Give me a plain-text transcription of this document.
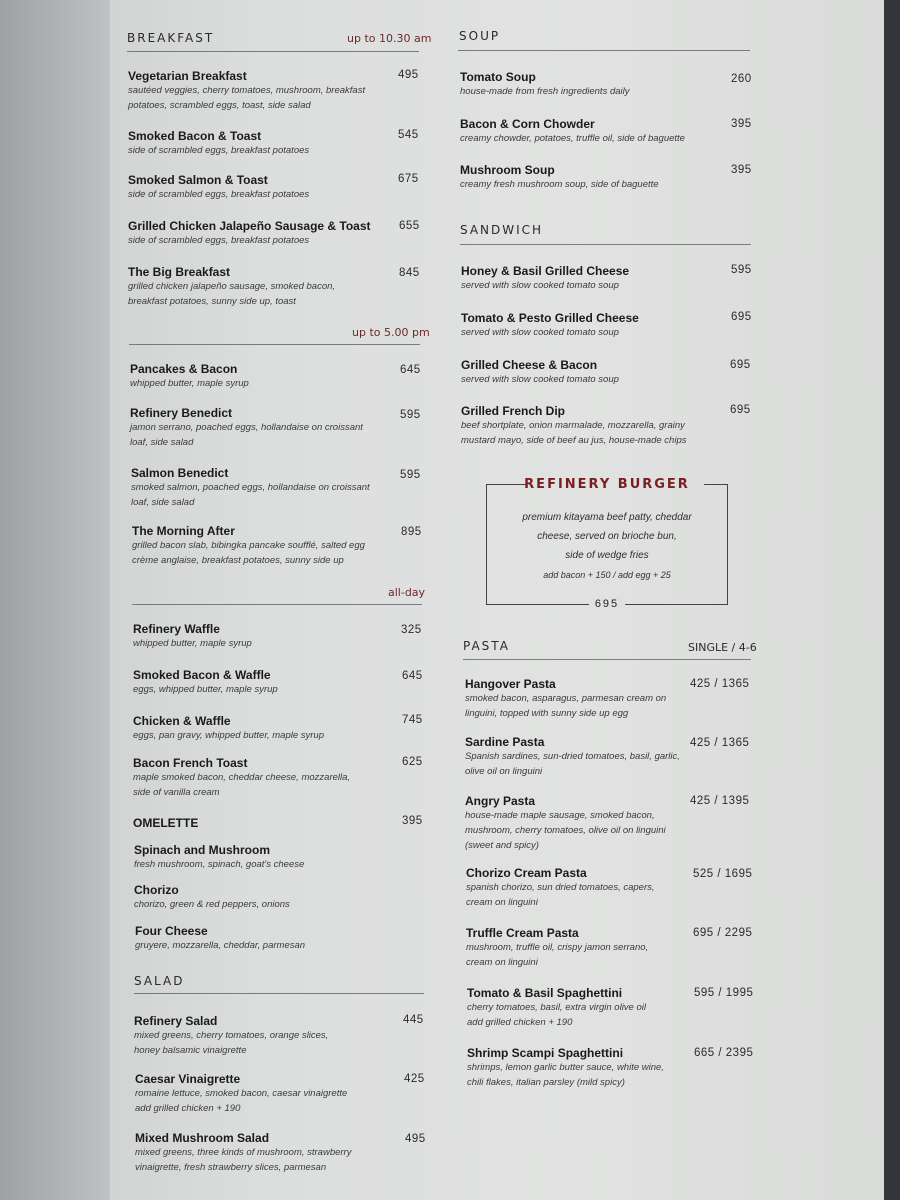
BREAKFAST	up to 10.30 am
Vegetarian Breakfast
sautéed veggies, cherry tomatoes, mushroom, breakfast
potatoes, scrambled eggs, toast, side salad
495
Smoked Bacon & Toast
side of scrambled eggs, breakfast potatoes
545
Smoked Salmon & Toast
side of scrambled eggs, breakfast potatoes
675
Grilled Chicken Jalapeño Sausage & Toast
side of scrambled eggs, breakfast potatoes
655
The Big Breakfast
grilled chicken jalapeño sausage, smoked bacon,
breakfast potatoes, sunny side up, toast
845
up to 5.00 pm
Pancakes & Bacon
whipped butter, maple syrup
645
Refinery Benedict
jamon serrano, poached eggs, hollandaise on croissant
loaf, side salad
595
Salmon Benedict
smoked salmon, poached eggs, hollandaise on croissant
loaf, side salad
595
The Morning After
grilled bacon slab, bibingka pancake soufflé, salted egg
crème anglaise, breakfast potatoes, sunny side up
895
all-day
Refinery Waffle
whipped butter, maple syrup
325
Smoked Bacon & Waffle
eggs, whipped butter, maple syrup
645
Chicken & Waffle
eggs, pan gravy, whipped butter, maple syrup
745
Bacon French Toast
maple smoked bacon, cheddar cheese, mozzarella,
side of vanilla cream
625
OMELETTE	395
Spinach and Mushroom
fresh mushroom, spinach, goat's cheese
Chorizo
chorizo, green & red peppers, onions
Four Cheese
gruyere, mozzarella, cheddar, parmesan
SALAD
Refinery Salad
mixed greens, cherry tomatoes, orange slices,
honey balsamic vinaigrette
445
Caesar Vinaigrette
romaine lettuce, smoked bacon, caesar vinaigrette
add grilled chicken + 190
425
Mixed Mushroom Salad
mixed greens, three kinds of mushroom, strawberry
vinaigrette, fresh strawberry slices, parmesan
495
SOUP
Tomato Soup
house-made from fresh ingredients daily
260
Bacon & Corn Chowder
creamy chowder, potatoes, truffle oil, side of baguette
395
Mushroom Soup
creamy fresh mushroom soup, side of baguette
395
SANDWICH
Honey & Basil Grilled Cheese
served with slow cooked tomato soup
595
Tomato & Pesto Grilled Cheese
served with slow cooked tomato soup
695
Grilled Cheese & Bacon
served with slow cooked tomato soup
695
Grilled French Dip
beef shortplate, onion marmalade, mozzarella, grainy
mustard mayo, side of beef au jus, house-made chips
695
REFINERY BURGER
premium kitayama beef patty, cheddar
cheese, served on brioche bun,
side of wedge fries
add bacon + 150 / add egg + 25
695
PASTA	SINGLE / 4-6
Hangover Pasta
smoked bacon, asparagus, parmesan cream on
linguini, topped with sunny side up egg
425 / 1365
Sardine Pasta
Spanish sardines, sun-dried tomatoes, basil, garlic,
olive oil on linguini
425 / 1365
Angry Pasta
house-made maple sausage, smoked bacon,
mushroom, cherry tomatoes, olive oil on linguini
(sweet and spicy)
425 / 1395
Chorizo Cream Pasta
spanish chorizo, sun dried tomatoes, capers,
cream on linguini
525 / 1695
Truffle Cream Pasta
mushroom, truffle oil, crispy jamon serrano,
cream on linguini
695 / 2295
Tomato & Basil Spaghettini
cherry tomatoes, basil, extra virgin olive oil
add grilled chicken + 190
595 / 1995
Shrimp Scampi Spaghettini
shrimps, lemon garlic butter sauce, white wine,
chili flakes, italian parsley (mild spicy)
665 / 2395
